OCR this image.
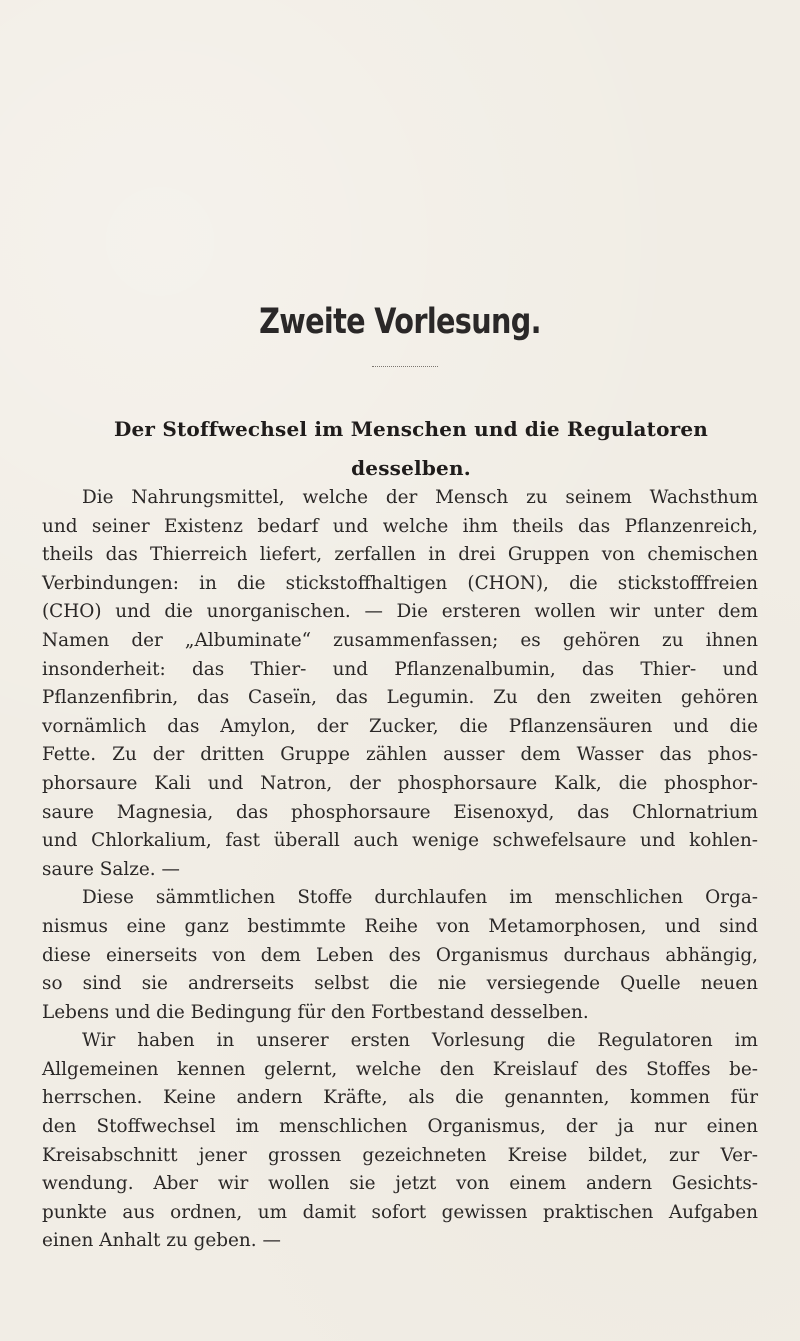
Zweite Vorlesung.
Der Stoffwechsel im Menschen und die Regulatoren
desselben.
Die Nahrungsmittel, welche der Mensch zu seinem Wachsthum
und seiner Existenz bedarf und welche ihm theils das Pflanzenreich,
theils das Thierreich liefert, zerfallen in drei Gruppen von chemischen
Verbindungen: in die stickstoffhaltigen (CHON), die stickstofffreien
(CHO) und die unorganischen. — Die ersteren wollen wir unter dem
Namen der „Albuminate“ zusammenfassen; es gehören zu ihnen
insonderheit: das Thier- und Pflanzenalbumin, das Thier- und
Pflanzenfibrin, das Caseïn, das Legumin. Zu den zweiten gehören
vornämlich das Amylon, der Zucker, die Pflanzensäuren und die
Fette. Zu der dritten Gruppe zählen ausser dem Wasser das phos-
phorsaure Kali und Natron, der phosphorsaure Kalk, die phosphor-
saure Magnesia, das phosphorsaure Eisenoxyd, das Chlornatrium
und Chlorkalium, fast überall auch wenige schwefelsaure und kohlen-
saure Salze. —
Diese sämmtlichen Stoffe durchlaufen im menschlichen Orga-
nismus eine ganz bestimmte Reihe von Metamorphosen, und sind
diese einerseits von dem Leben des Organismus durchaus abhängig,
so sind sie andrerseits selbst die nie versiegende Quelle neuen
Lebens und die Bedingung für den Fortbestand desselben.
Wir haben in unserer ersten Vorlesung die Regulatoren im
Allgemeinen kennen gelernt, welche den Kreislauf des Stoffes be-
herrschen. Keine andern Kräfte, als die genannten, kommen für
den Stoffwechsel im menschlichen Organismus, der ja nur einen
Kreisabschnitt jener grossen gezeichneten Kreise bildet, zur Ver-
wendung. Aber wir wollen sie jetzt von einem andern Gesichts-
punkte aus ordnen, um damit sofort gewissen praktischen Aufgaben
einen Anhalt zu geben. —
